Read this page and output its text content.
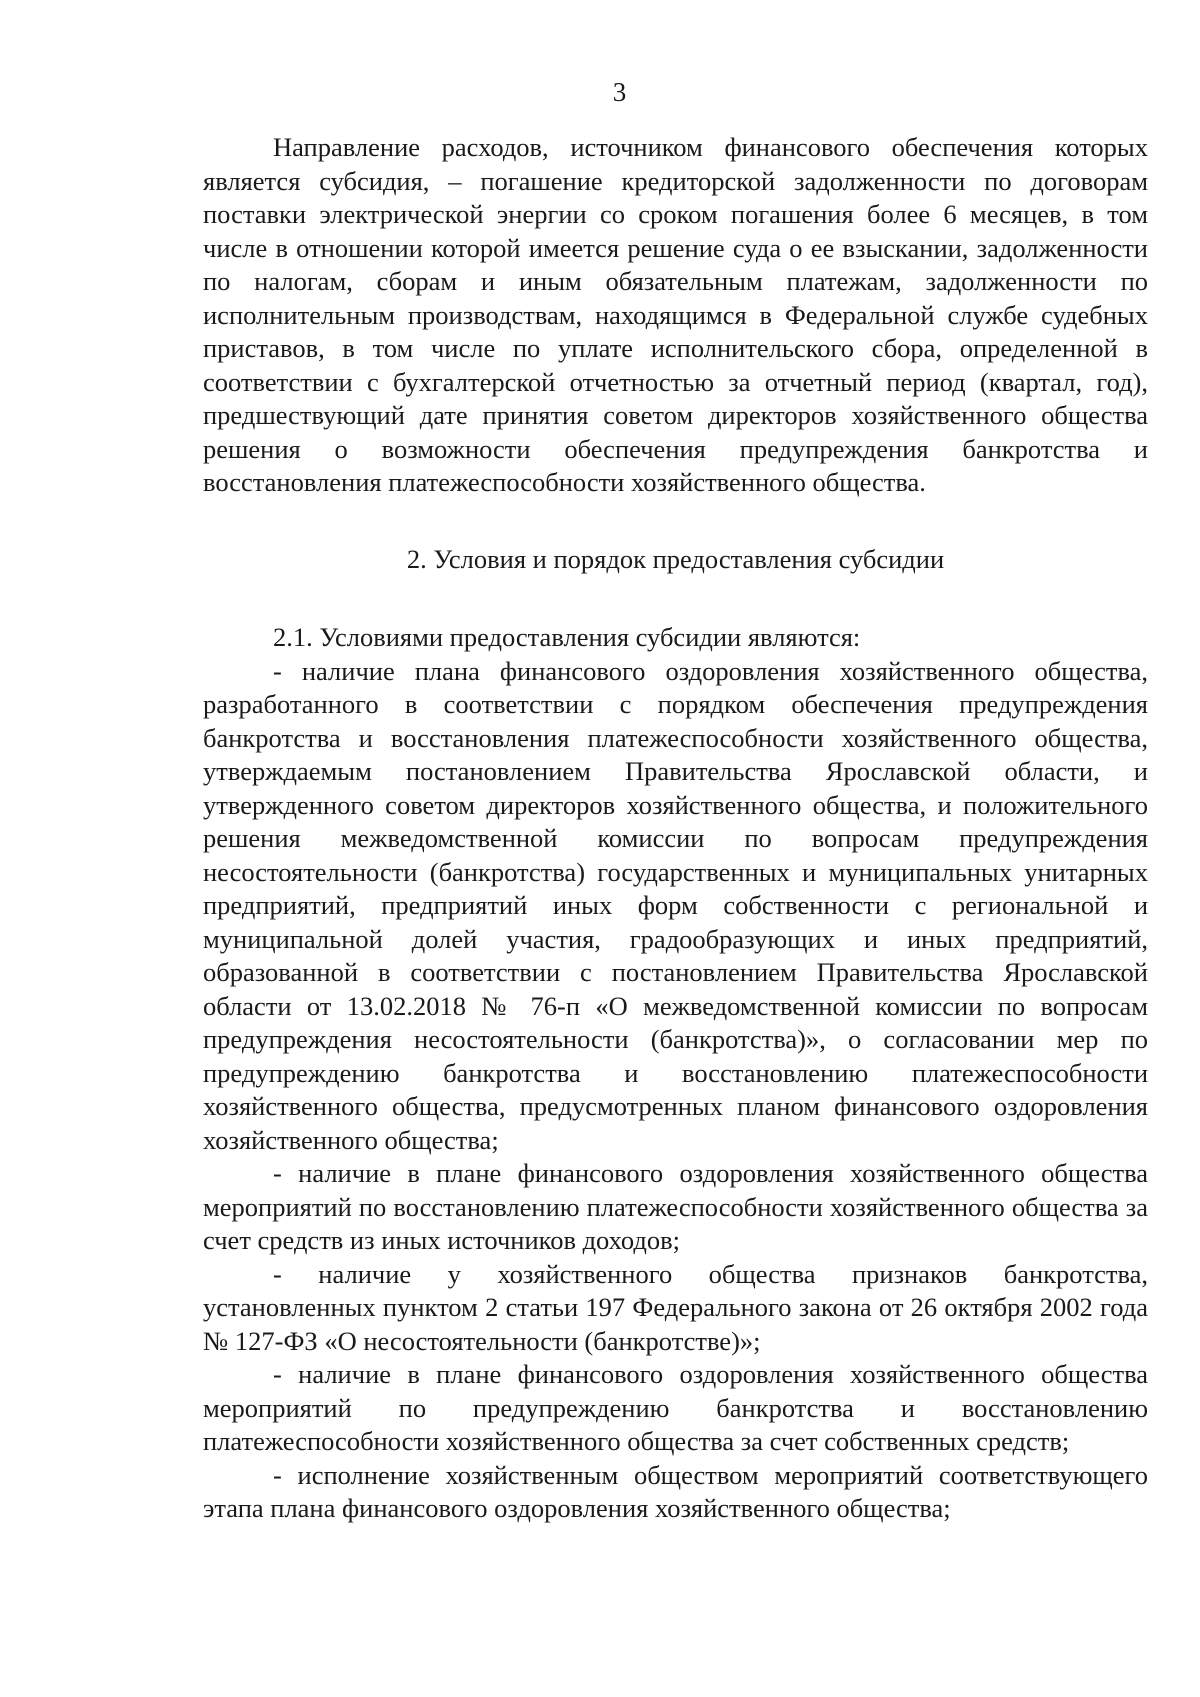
3

Направление расходов, источником финансового обеспечения которых является субсидия, – погашение кредиторской задолженности по договорам поставки электрической энергии со сроком погашения более 6 месяцев, в том числе в отношении которой имеется решение суда о ее взыскании, задолженности по налогам, сборам и иным обязательным платежам, задолженности по исполнительным производствам, находящимся в Федеральной службе судебных приставов, в том числе по уплате исполнительского сбора, определенной в соответствии с бухгалтерской отчетностью за отчетный период (квартал, год), предшествующий дате принятия советом директоров хозяйственного общества решения о возможности обеспечения предупреждения банкротства и восстановления платежеспособности хозяйственного общества.

2. Условия и порядок предоставления субсидии

2.1. Условиями предоставления субсидии являются:

- наличие плана финансового оздоровления хозяйственного общества, разработанного в соответствии с порядком обеспечения предупреждения банкротства и восстановления платежеспособности хозяйственного общества, утверждаемым постановлением Правительства Ярославской области, и утвержденного советом директоров хозяйственного общества, и положительного решения межведомственной комиссии по вопросам предупреждения несостоятельности (банкротства) государственных и муниципальных унитарных предприятий, предприятий иных форм собственности с региональной и муниципальной долей участия, градообразующих и иных предприятий, образованной в соответствии с постановлением Правительства Ярославской области от 13.02.2018 № 76-п «О межведомственной комиссии по вопросам предупреждения несостоятельности (банкротства)», о согласовании мер по предупреждению банкротства и восстановлению платежеспособности хозяйственного общества, предусмотренных планом финансового оздоровления хозяйственного общества;

- наличие в плане финансового оздоровления хозяйственного общества мероприятий по восстановлению платежеспособности хозяйственного общества за счет средств из иных источников доходов;

- наличие у хозяйственного общества признаков банкротства, установленных пунктом 2 статьи 197 Федерального закона от 26 октября 2002 года № 127-ФЗ «О несостоятельности (банкротстве)»;

- наличие в плане финансового оздоровления хозяйственного общества мероприятий по предупреждению банкротства и восстановлению платежеспособности хозяйственного общества за счет собственных средств;

- исполнение хозяйственным обществом мероприятий соответствующего этапа плана финансового оздоровления хозяйственного общества;
